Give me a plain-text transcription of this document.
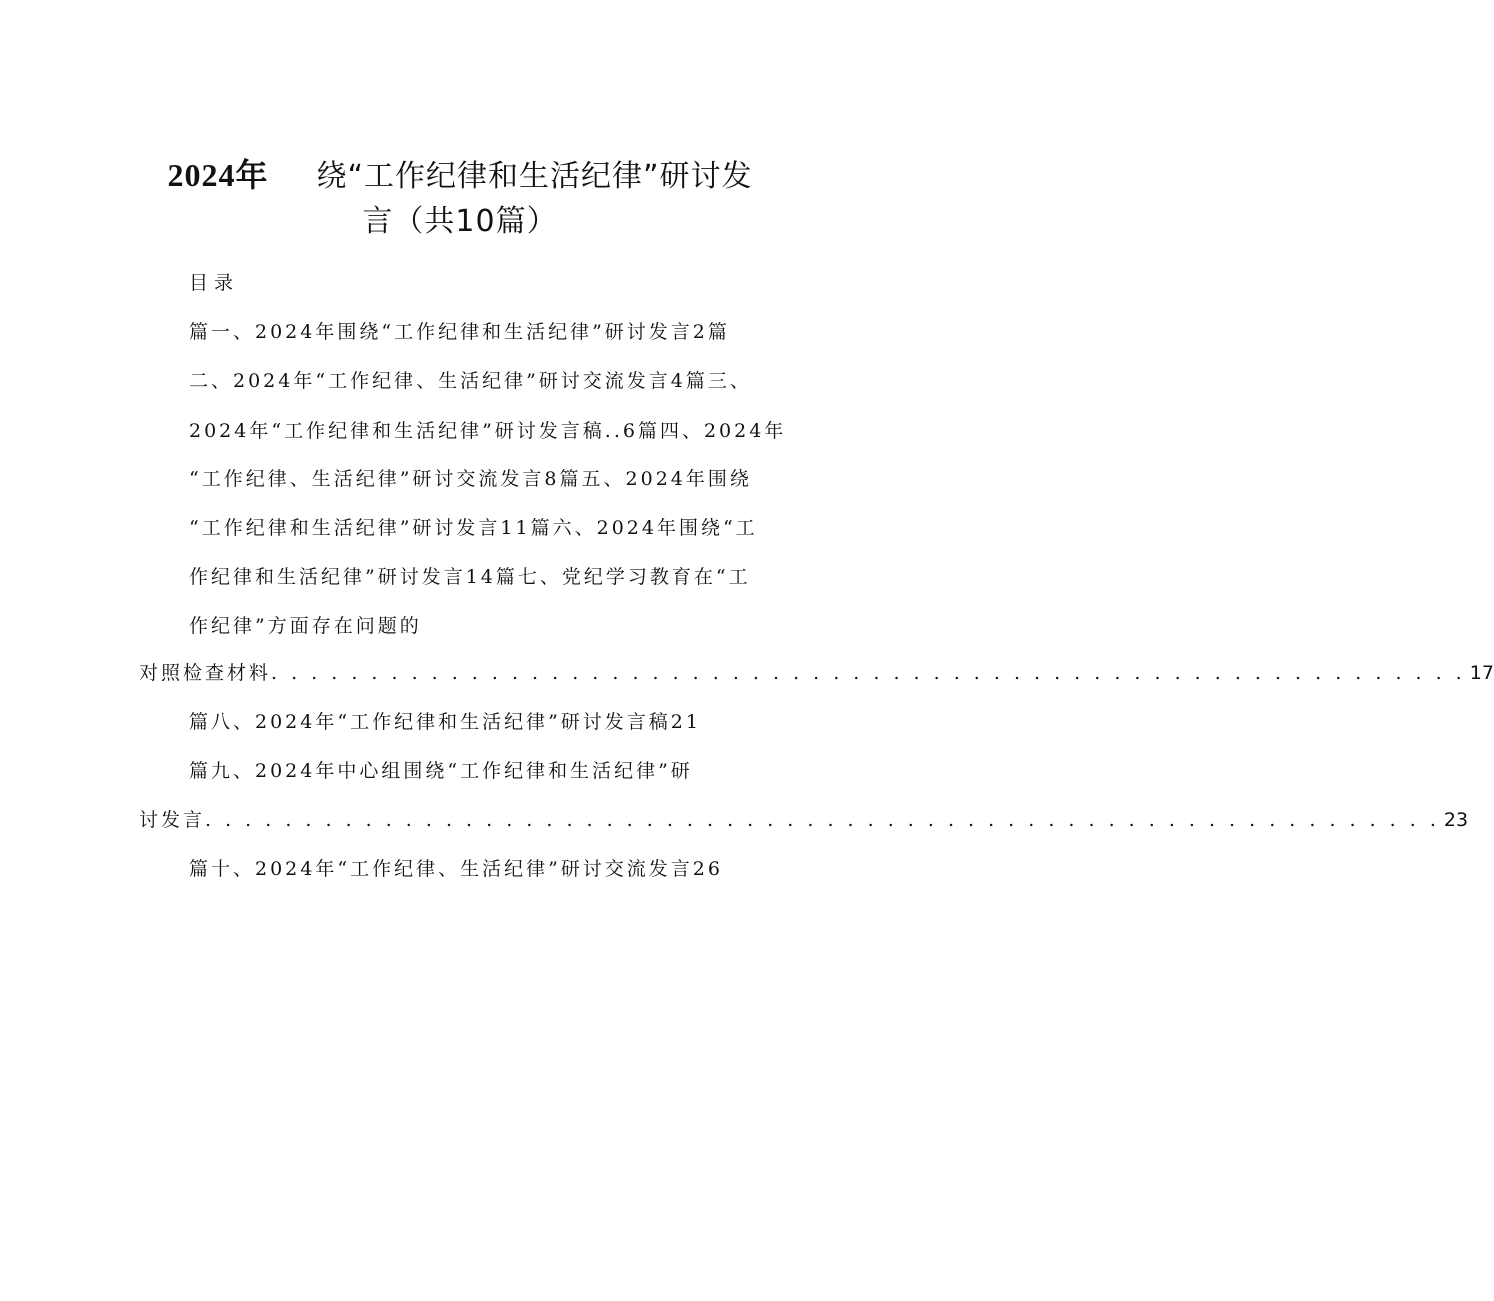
2024年 绕“工作纪律和生活纪律”研讨发
言（共10篇）
目录
篇一、2024年围绕“工作纪律和生活纪律”研讨发言2篇
二、2024年“工作纪律、生活纪律”研讨交流发言4篇三、
2024年“工作纪律和生活纪律”研讨发言稿..6篇四、2024年
“工作纪律、生活纪律”研讨交流发言8篇五、2024年围绕
“工作纪律和生活纪律”研讨发言11篇六、2024年围绕“工
作纪律和生活纪律”研讨发言14篇七、党纪学习教育在“工
作纪律”方面存在问题的
对照检查材料 . . . . . . . . . . . . . . . . . . . . . . . . . . . . . . . . . . . . . . . . . . . . . . . . . . . . . . . . . . . . 17
篇八、2024年“工作纪律和生活纪律”研讨发言稿21
篇九、2024年中心组围绕“工作纪律和生活纪律”研
讨发言 . . . . . . . . . . . . . . . . . . . . . . . . . . . . . . . . . . . . . . . . . . . . . . . . . . . . . . . . . . . . . . 23
篇十、2024年“工作纪律、生活纪律”研讨交流发言26
